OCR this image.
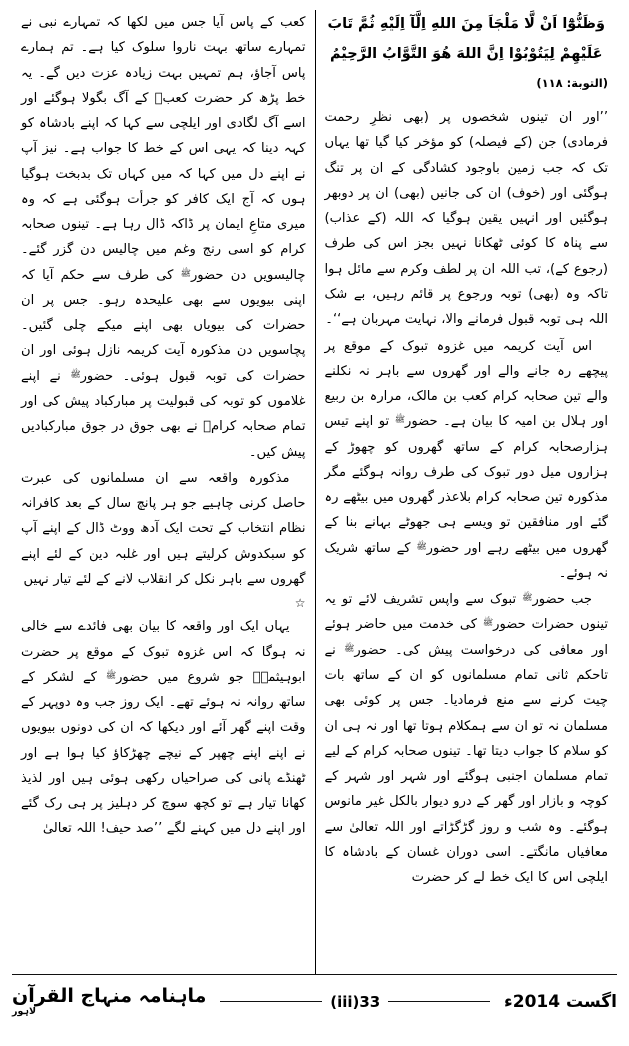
وَظَنُّوْٓا اَنْ لَّا مَلْجَاَ مِنَ اللهِ اِلَّآ اِلَیْهِ ثُمَّ تَابَ عَلَیْهِمْ لِیَتُوْبُوْا اِنَّ اللهَ هُوَ التَّوَّابُ الرَّحِیْمُ (التوبة: ۱۱۸)

’’اور ان تینوں شخصوں پر (بھی نظرِ رحمت فرمادی) جن (کے فیصلہ) کو مؤخر کیا گیا تھا یہاں تک کہ جب زمین باوجود کشادگی کے ان پر تنگ ہوگئی اور (خوف) ان کی جانیں (بھی) ان پر دوبھر ہوگئیں اور انہیں یقین ہوگیا کہ اللہ (کے عذاب) سے پناہ کا کوئی ٹھکانا نہیں بجز اس کی طرف (رجوع کے)، تب اللہ ان پر لطف وکرم سے مائل ہوا تاکہ وہ (بھی) توبہ ورجوع پر قائم رہیں، بے شک اللہ ہی توبہ قبول فرمانے والا، نہایت مہربان ہے‘‘۔

اس آیت کریمہ میں غزوہ تبوک کے موقع پر پیچھے رہ جانے والے اور گھروں سے باہر نہ نکلنے والے تین صحابہ کرام کعب بن مالک، مرارہ بن ربیع اور ہلال بن امیہ کا بیان ہے۔ حضور$^ﷺ$ تو اپنے تیس ہزارصحابہ کرام کے ساتھ گھروں کو چھوڑ کے ہزاروں میل دور تبوک کی طرف روانہ ہوگئے مگر مذکورہ تین صحابہ کرام بلاعذر گھروں میں بیٹھے رہ گئے اور منافقین تو ویسے ہی جھوٹے بہانے بنا کے گھروں میں بیٹھے رہے اور حضور$^ﷺ$ کے ساتھ شریک نہ ہوئے۔

جب حضور$^ﷺ$ تبوک سے واپس تشریف لائے تو یہ تینوں حضرات حضور$^ﷺ$ کی خدمت میں حاضر ہوئے اور معافی کی درخواست پیش کی۔ حضور$^ﷺ$ نے تاحکم ثانی تمام مسلمانوں کو ان کے ساتھ بات چیت کرنے سے منع فرمادیا۔ جس پر کوئی بھی مسلمان نہ تو ان سے ہمکلام ہوتا تھا اور نہ ہی ان کو سلام کا جواب دیتا تھا۔ تینوں صحابہ کرام کے لیے تمام مسلمان اجنبی ہوگئے اور شہر اور شہر کے کوچہ و بازار اور گھر کے درو دیوار بالکل غیر مانوس ہوگئے۔ وہ شب و روز گڑگڑاتے اور اللہ تعالیٰ سے معافیاں مانگتے۔ اسی دوران غسان کے بادشاہ کا ایلچی اس کا ایک خط لے کر حضرت

کعب کے پاس آیا جس میں لکھا کہ تمہارے نبی نے تمہارے ساتھ بہت ناروا سلوک کیا ہے۔ تم ہمارے پاس آجاؤ، ہم تمہیں بہت زیادہ عزت دیں گے۔ یہ خط پڑھ کر حضرت کعبؓ کے آگ بگولا ہوگئے اور اسے آگ لگادی اور ایلچی سے کہا کہ اپنے بادشاہ کو کہہ دینا کہ یہی اس کے خط کا جواب ہے۔ نیز آپ نے اپنے دل میں کہا کہ میں کہاں تک بدبخت ہوگیا ہوں کہ آج ایک کافر کو جرأت ہوگئی ہے کہ وہ میری متاعِ ایمان پر ڈاکہ ڈال رہا ہے۔ تینوں صحابہ کرام کو اسی رنج وغم میں چالیس دن گزر گئے۔ چالیسویں دن حضور$^ﷺ$ کی طرف سے حکم آیا کہ اپنی بیویوں سے بھی علیحدہ رہو۔ جس پر ان حضرات کی بیویاں بھی اپنے میکے چلی گئیں۔ پچاسویں دن مذکورہ آیت کریمہ نازل ہوئی اور ان حضرات کی توبہ قبول ہوئی۔ حضور$^ﷺ$ نے اپنے غلاموں کو توبہ کی قبولیت پر مبارکباد پیش کی اور تمام صحابہ کرامؓ نے بھی جوق در جوق مبارکبادیں پیش کیں۔

مذکورہ واقعہ سے ان مسلمانوں کی عبرت حاصل کرنی چاہیے جو ہر پانچ سال کے بعد کافرانہ نظام انتخاب کے تحت ایک آدھ ووٹ ڈال کے اپنے آپ کو سبکدوش کرلیتے ہیں اور غلبہ دین کے لئے اپنے گھروں سے باہر نکل کر انقلاب لانے کے لئے تیار نہیں

☆

یہاں ایک اور واقعہ کا بیان بھی فائدے سے خالی نہ ہوگا کہ اس غزوہ تبوک کے موقع پر حضرت ابوہیثمہؓ جو شروع میں حضور$^ﷺ$ کے لشکر کے ساتھ روانہ نہ ہوئے تھے۔ ایک روز جب وہ دوپہر کے وقت اپنے گھر آئے اور دیکھا کہ ان کی دونوں بیویوں نے اپنے اپنے چھپر کے نیچے چھڑکاؤ کیا ہوا ہے اور ٹھنڈے پانی کی صراحیاں رکھی ہوئی ہیں اور لذیذ کھانا تیار ہے تو کچھ سوچ کر دہلیز پر ہی رک گئے اور اپنے دل میں کہنے لگے ’’صد حیف! اللہ تعالیٰ

اگست 2014ء
33(iii)
ماہنامہ منہاج القرآن
لاہور
